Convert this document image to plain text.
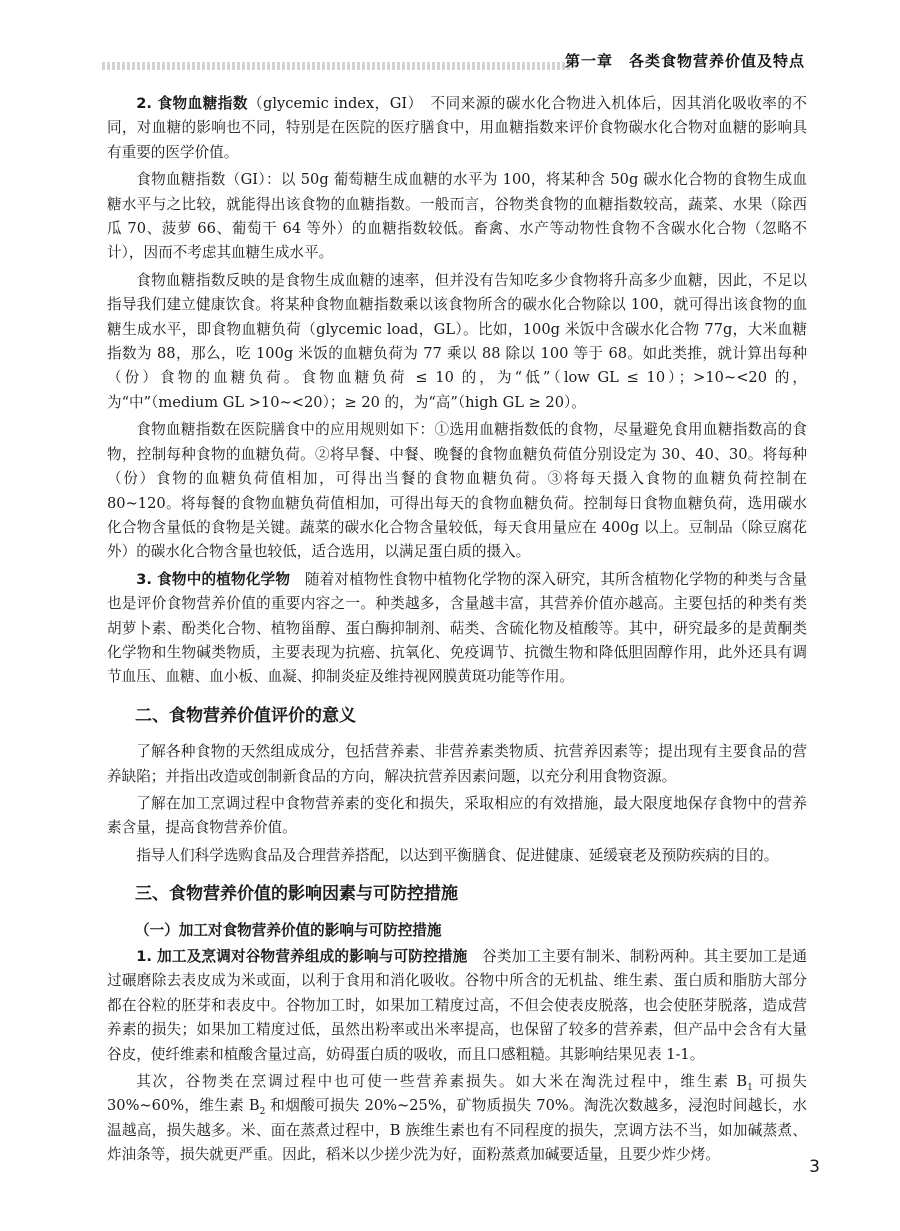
第一章　各类食物营养价值及特点

2. 食物血糖指数（glycemic index，GI）　不同来源的碳水化合物进入机体后，因其消化吸收率的不同，对血糖的影响也不同，特别是在医院的医疗膳食中，用血糖指数来评价食物碳水化合物对血糖的影响具有重要的医学价值。

食物血糖指数（GI）：以 50g 葡萄糖生成血糖的水平为 100，将某种含 50g 碳水化合物的食物生成血糖水平与之比较，就能得出该食物的血糖指数。一般而言，谷物类食物的血糖指数较高，蔬菜、水果（除西瓜 70、菠萝 66、葡萄干 64 等外）的血糖指数较低。畜禽、水产等动物性食物不含碳水化合物（忽略不计），因而不考虑其血糖生成水平。

食物血糖指数反映的是食物生成血糖的速率，但并没有告知吃多少食物将升高多少血糖，因此，不足以指导我们建立健康饮食。将某种食物血糖指数乘以该食物所含的碳水化合物除以 100，就可得出该食物的血糖生成水平，即食物血糖负荷（glycemic load，GL）。比如，100g 米饭中含碳水化合物 77g，大米血糖指数为 88，那么，吃 100g 米饭的血糖负荷为 77 乘以 88 除以 100 等于 68。如此类推，就计算出每种（份）食物的血糖负荷。食物血糖负荷 ≤ 10 的，为“低”（low GL ≤ 10）；>10~<20 的，为“中”（medium GL >10~<20）；≥ 20 的，为“高”（high GL ≥ 20）。

食物血糖指数在医院膳食中的应用规则如下：①选用血糖指数低的食物，尽量避免食用血糖指数高的食物，控制每种食物的血糖负荷。②将早餐、中餐、晚餐的食物血糖负荷值分别设定为 30、40、30。将每种（份）食物的血糖负荷值相加，可得出当餐的食物血糖负荷。③将每天摄入食物的血糖负荷控制在 80~120。将每餐的食物血糖负荷值相加，可得出每天的食物血糖负荷。控制每日食物血糖负荷，选用碳水化合物含量低的食物是关键。蔬菜的碳水化合物含量较低，每天食用量应在 400g 以上。豆制品（除豆腐花外）的碳水化合物含量也较低，适合选用，以满足蛋白质的摄入。

3. 食物中的植物化学物　随着对植物性食物中植物化学物的深入研究，其所含植物化学物的种类与含量也是评价食物营养价值的重要内容之一。种类越多，含量越丰富，其营养价值亦越高。主要包括的种类有类胡萝卜素、酚类化合物、植物甾醇、蛋白酶抑制剂、萜类、含硫化物及植酸等。其中，研究最多的是黄酮类化学物和生物碱类物质，主要表现为抗癌、抗氧化、免疫调节、抗微生物和降低胆固醇作用，此外还具有调节血压、血糖、血小板、血凝、抑制炎症及维持视网膜黄斑功能等作用。

二、食物营养价值评价的意义

了解各种食物的天然组成成分，包括营养素、非营养素类物质、抗营养因素等；提出现有主要食品的营养缺陷；并指出改造或创制新食品的方向，解决抗营养因素问题，以充分利用食物资源。

了解在加工烹调过程中食物营养素的变化和损失，采取相应的有效措施，最大限度地保存食物中的营养素含量，提高食物营养价值。

指导人们科学选购食品及合理营养搭配，以达到平衡膳食、促进健康、延缓衰老及预防疾病的目的。

三、食物营养价值的影响因素与可防控措施
（一）加工对食物营养价值的影响与可防控措施

1. 加工及烹调对谷物营养组成的影响与可防控措施　谷类加工主要有制米、制粉两种。其主要加工是通过碾磨除去表皮成为米或面，以利于食用和消化吸收。谷物中所含的无机盐、维生素、蛋白质和脂肪大部分都在谷粒的胚芽和表皮中。谷物加工时，如果加工精度过高，不但会使表皮脱落，也会使胚芽脱落，造成营养素的损失；如果加工精度过低，虽然出粉率或出米率提高，也保留了较多的营养素，但产品中会含有大量谷皮，使纤维素和植酸含量过高，妨碍蛋白质的吸收，而且口感粗糙。其影响结果见表 1-1。

其次，谷物类在烹调过程中也可使一些营养素损失。如大米在淘洗过程中，维生素 $B_1$ 可损失 30%~60%，维生素 $B_2$ 和烟酸可损失 20%~25%，矿物质损失 70%。淘洗次数越多，浸泡时间越长，水温越高，损失越多。米、面在蒸煮过程中，B 族维生素也有不同程度的损失，烹调方法不当，如加碱蒸煮、炸油条等，损失就更严重。因此，稻米以少搓少洗为好，面粉蒸煮加碱要适量，且要少炸少烤。

3
